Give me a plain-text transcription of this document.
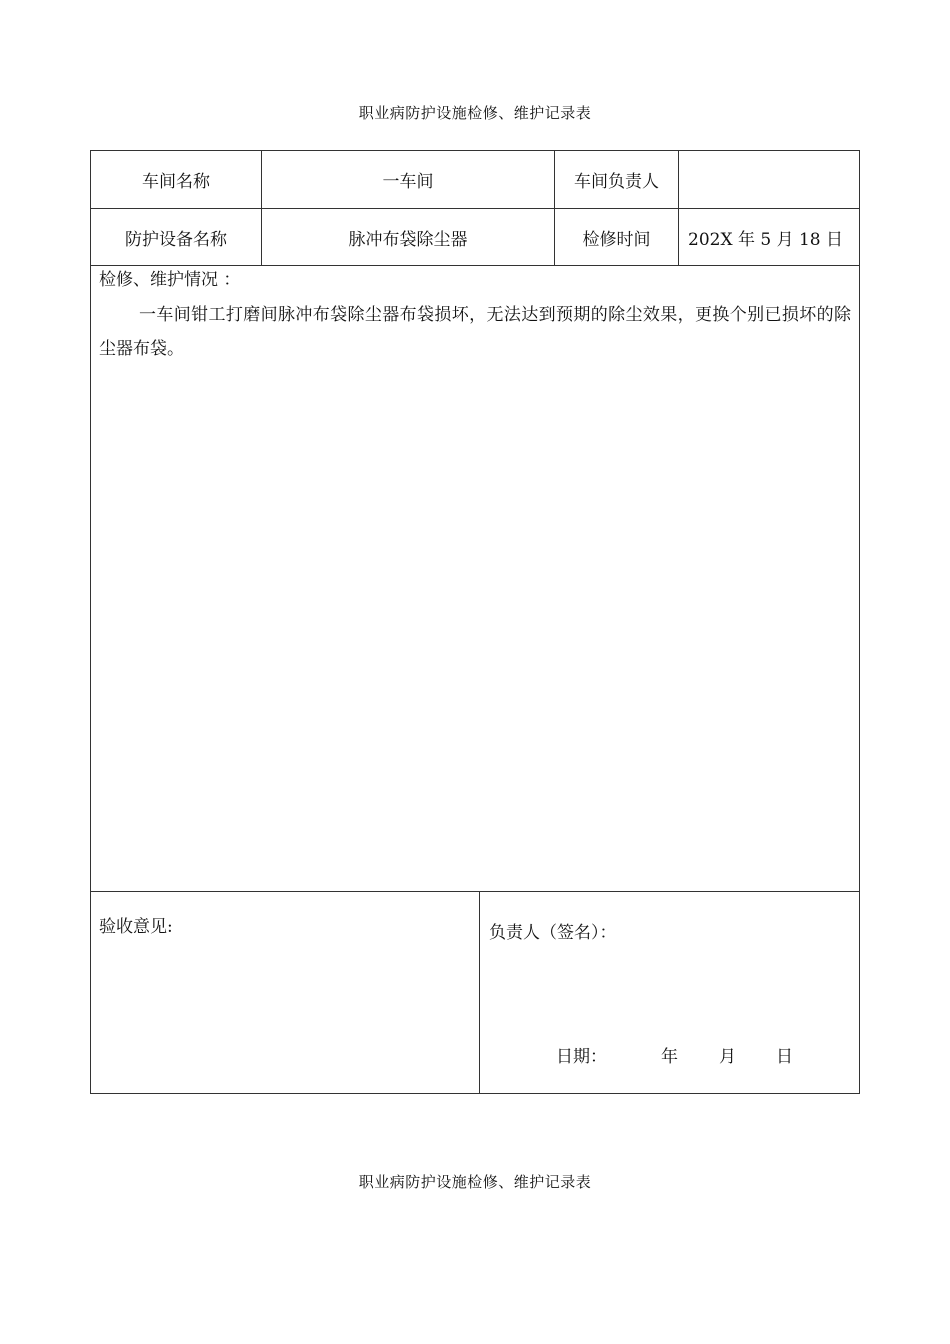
职业病防护设施检修、维护记录表
车间名称	一车间	车间负责人
防护设备名称	脉冲布袋除尘器	检修时间	202X 年 5 月 18 日
检修、维护情况 ：
一车间钳工打磨间脉冲布袋除尘器布袋损坏，无法达到预期的除尘效果，更换个别已损坏的除尘器布袋。
验收意见:	负责人（签名）：
日期：	年 月 日
职业病防护设施检修、维护记录表
